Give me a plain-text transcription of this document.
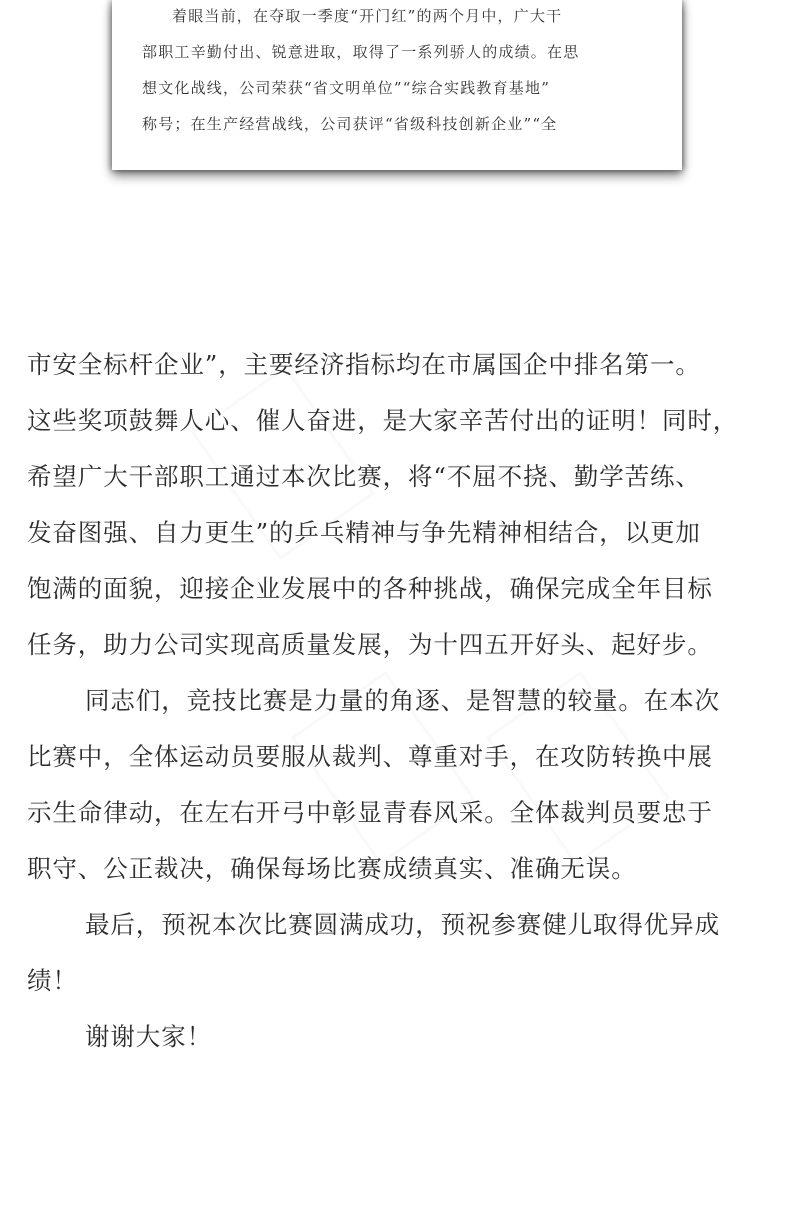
着眼当前，在夺取一季度“开门红”的两个月中，广大干
部职工辛勤付出、锐意进取，取得了一系列骄人的成绩。在思
想文化战线，公司荣获“省文明单位”“综合实践教育基地”
称号；在生产经营战线，公司获评“省级科技创新企业”“全
市安全标杆企业”，主要经济指标均在市属国企中排名第一。
这些奖项鼓舞人心、催人奋进，是大家辛苦付出的证明！同时，
希望广大干部职工通过本次比赛，将“不屈不挠、勤学苦练、
发奋图强、自力更生”的乒乓精神与争先精神相结合，以更加
饱满的面貌，迎接企业发展中的各种挑战，确保完成全年目标
任务，助力公司实现高质量发展，为十四五开好头、起好步。
同志们，竞技比赛是力量的角逐、是智慧的较量。在本次
比赛中，全体运动员要服从裁判、尊重对手，在攻防转换中展
示生命律动，在左右开弓中彰显青春风采。全体裁判员要忠于
职守、公正裁决，确保每场比赛成绩真实、准确无误。
最后，预祝本次比赛圆满成功，预祝参赛健儿取得优异成
绩！
谢谢大家！
